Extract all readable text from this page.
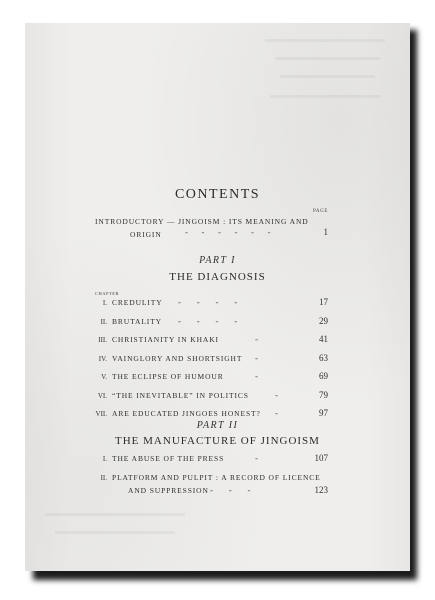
CONTENTS
PAGE
INTRODUCTORY — JINGOISM : ITS MEANING AND
ORIGIN	-      -      -      -      -      -	1
PART I
THE DIAGNOSIS
CHAPTER
I. CREDULITY -       -       -       -	17
II. BRUTALITY -       -       -       -	29
III. CHRISTIANITY IN KHAKI	-	41
IV. VAINGLORY AND SHORTSIGHT -	63
V. THE ECLIPSE OF HUMOUR	-	69
VI. “THE INEVITABLE” IN POLITICS	-	79
VII. ARE EDUCATED JINGOES HONEST? -	97
PART II
THE MANUFACTURE OF JINGOISM
I. THE ABUSE OF THE PRESS	-	107
II. PLATFORM AND PULPIT : A RECORD OF LICENCE
AND SUPPRESSION -       -       -	123
